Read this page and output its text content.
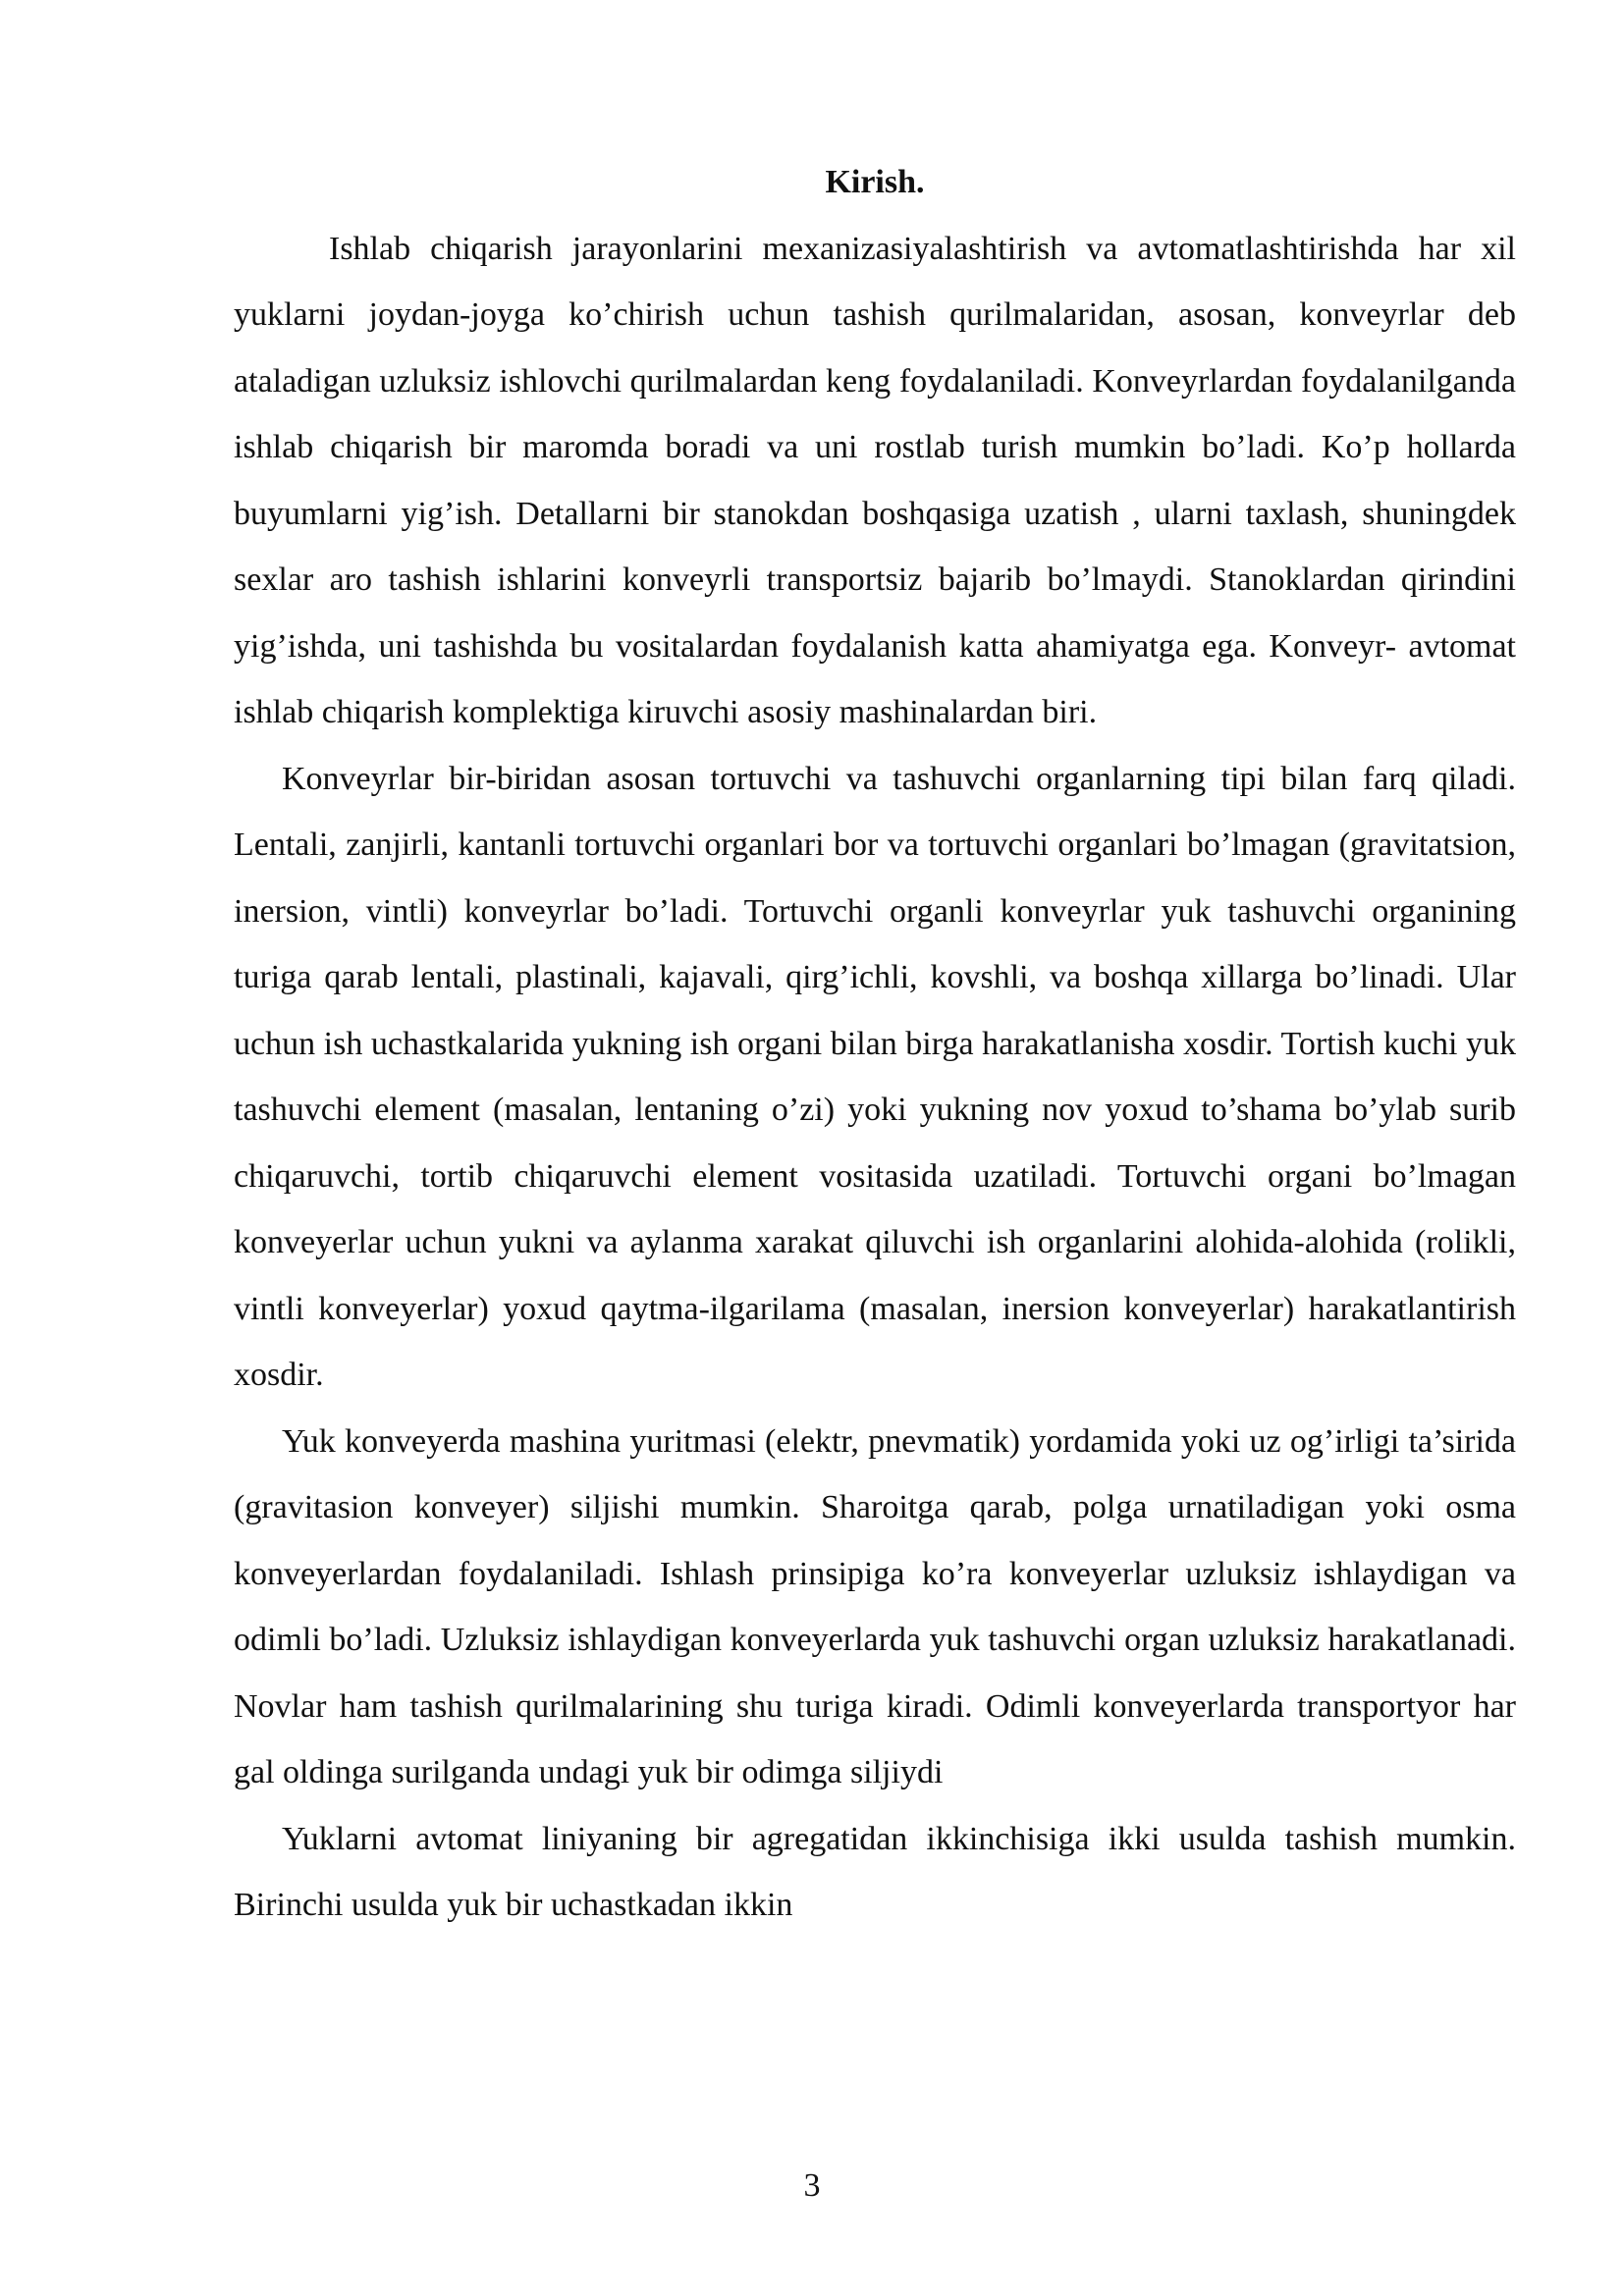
Kirish.

Ishlab chiqarish jarayonlarini mexanizasiyalashtirish va avtomatlashtirishda har xil yuklarni joydan-joyga ko’chirish uchun tashish qurilmalaridan, asosan, konveyrlar deb ataladigan uzluksiz ishlovchi qurilmalardan keng foydalaniladi. Konveyrlardan foydalanilganda ishlab chiqarish bir maromda boradi va uni rostlab turish mumkin bo’ladi. Ko’p hollarda buyumlarni yig’ish. Detallarni bir stanokdan boshqasiga uzatish , ularni taxlash, shuningdek sexlar aro tashish ishlarini konveyrli transportsiz bajarib bo’lmaydi. Stanoklardan qirindini yig’ishda, uni tashishda bu vositalardan foydalanish katta ahamiyatga ega. Konveyr- avtomat ishlab chiqarish komplektiga kiruvchi asosiy mashinalardan biri.

Konveyrlar bir-biridan asosan tortuvchi va tashuvchi organlarning tipi bilan farq qiladi. Lentali, zanjirli, kantanli tortuvchi organlari bor va tortuvchi organlari bo’lmagan (gravitatsion, inersion, vintli) konveyrlar bo’ladi. Tortuvchi organli konveyrlar yuk tashuvchi organining turiga qarab lentali, plastinali, kajavali, qirg’ichli, kovshli, va boshqa xillarga bo’linadi. Ular uchun ish uchastkalarida yukning ish organi bilan birga harakatlanisha xosdir. Tortish kuchi yuk tashuvchi element (masalan, lentaning o’zi) yoki yukning nov yoxud to’shama bo’ylab surib chiqaruvchi, tortib chiqaruvchi element vositasida uzatiladi. Tortuvchi organi bo’lmagan konveyerlar uchun yukni va aylanma xarakat qiluvchi ish organlarini alohida-alohida (rolikli, vintli konveyerlar) yoxud qaytma-ilgarilama (masalan, inersion konveyerlar) harakatlantirish xosdir.

Yuk konveyerda mashina yuritmasi (elektr, pnevmatik) yordamida yoki uz og’irligi ta’sirida (gravitasion konveyer) siljishi mumkin. Sharoitga qarab, polga urnatiladigan yoki osma konveyerlardan foydalaniladi. Ishlash prinsipiga ko’ra konveyerlar uzluksiz ishlaydigan va odimli bo’ladi. Uzluksiz ishlaydigan konveyerlarda yuk tashuvchi organ uzluksiz harakatlanadi. Novlar ham tashish qurilmalarining shu turiga kiradi. Odimli konveyerlarda transportyor har gal oldinga surilganda undagi yuk bir odimga siljiydi

Yuklarni avtomat liniyaning bir agregatidan ikkinchisiga ikki usulda tashish mumkin. Birinchi usulda yuk bir uchastkadan ikkin

3
